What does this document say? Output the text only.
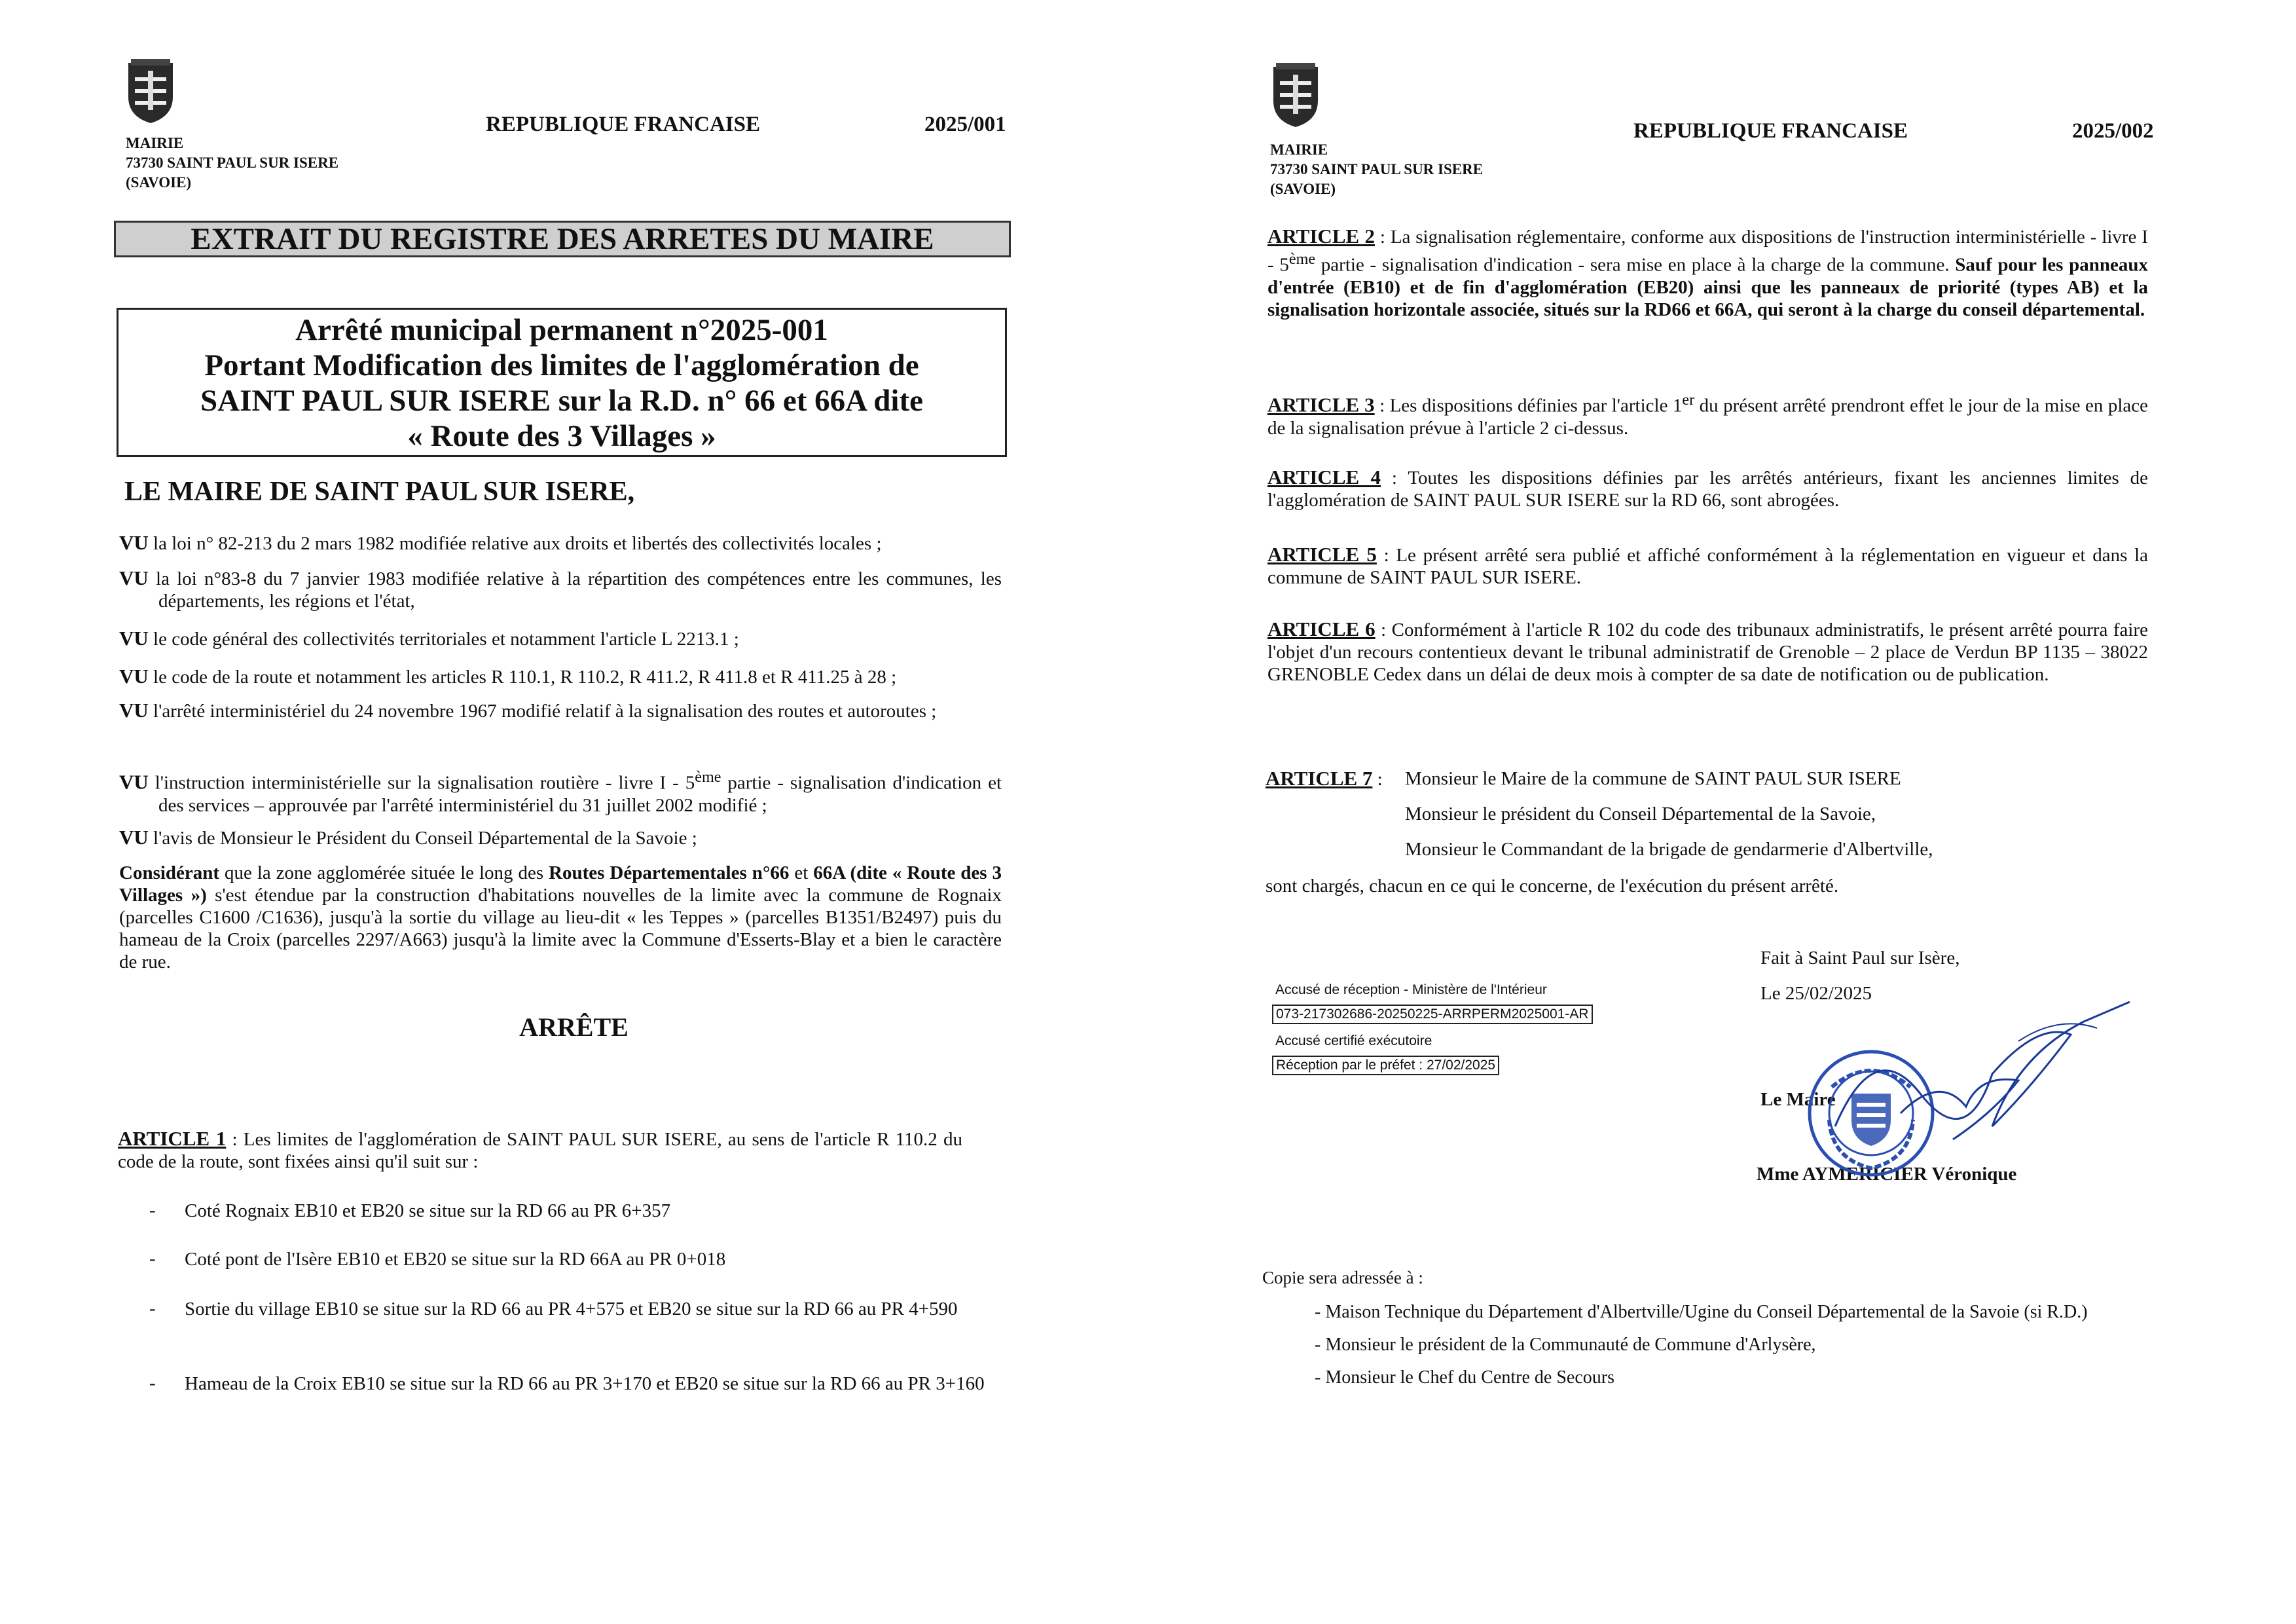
MAIRIE
73730 SAINT PAUL SUR ISERE
(SAVOIE)
REPUBLIQUE FRANCAISE	2025/001
EXTRAIT DU REGISTRE DES ARRETES DU MAIRE
Arrêté municipal permanent n°2025-001
Portant Modification des limites de l'agglomération de
SAINT PAUL SUR ISERE sur la R.D. n° 66 et 66A dite
« Route des 3 Villages »
LE MAIRE DE SAINT PAUL SUR ISERE,
VU la loi n° 82-213 du 2 mars 1982 modifiée relative aux droits et libertés des collectivités locales ;
VU la loi n°83-8 du 7 janvier 1983 modifiée relative à la répartition des compétences entre les communes, les départements, les régions et l'état,
VU le code général des collectivités territoriales et notamment l'article L 2213.1 ;
VU le code de la route et notamment les articles R 110.1, R 110.2, R 411.2, R 411.8 et R 411.25 à 28 ;
VU l'arrêté interministériel du 24 novembre 1967 modifié relatif à la signalisation des routes et autoroutes ;
VU l'instruction interministérielle sur la signalisation routière - livre I - 5ème partie - signalisation d'indication et des services – approuvée par l'arrêté interministériel du 31 juillet 2002 modifié ;
VU l'avis de Monsieur le Président du Conseil Départemental de la Savoie ;
Considérant que la zone agglomérée située le long des Routes Départementales n°66 et 66A (dite « Route des 3 Villages ») s'est étendue par la construction d'habitations nouvelles de la limite avec la commune de Rognaix (parcelles C1600 /C1636), jusqu'à la sortie du village au lieu-dit « les Teppes » (parcelles B1351/B2497) puis du hameau de la Croix (parcelles 2297/A663) jusqu'à la limite avec la Commune d'Esserts-Blay et a bien le caractère de rue.
ARRÊTE
ARTICLE 1 : Les limites de l'agglomération de SAINT PAUL SUR ISERE, au sens de l'article R 110.2 du code de la route, sont fixées ainsi qu'il suit sur :
- Coté Rognaix EB10 et EB20 se situe sur la RD 66 au PR 6+357
- Coté pont de l'Isère EB10 et EB20 se situe sur la RD 66A au PR 0+018
- Sortie du village EB10 se situe sur la RD 66 au PR 4+575 et EB20 se situe sur la RD 66 au PR 4+590
- Hameau de la Croix EB10 se situe sur la RD 66 au PR 3+170 et EB20 se situe sur la RD 66 au PR 3+160
MAIRIE
73730 SAINT PAUL SUR ISERE
(SAVOIE)
REPUBLIQUE FRANCAISE	2025/002
ARTICLE 2 : La signalisation réglementaire, conforme aux dispositions de l'instruction interministérielle - livre I - 5ème partie - signalisation d'indication - sera mise en place à la charge de la commune. Sauf pour les panneaux d'entrée (EB10) et de fin d'agglomération (EB20) ainsi que les panneaux de priorité (types AB) et la signalisation horizontale associée, situés sur la RD66 et 66A, qui seront à la charge du conseil départemental.
ARTICLE 3 : Les dispositions définies par l'article 1er du présent arrêté prendront effet le jour de la mise en place de la signalisation prévue à l'article 2 ci-dessus.
ARTICLE 4 : Toutes les dispositions définies par les arrêtés antérieurs, fixant les anciennes limites de l'agglomération de SAINT PAUL SUR ISERE sur la RD 66, sont abrogées.
ARTICLE 5 : Le présent arrêté sera publié et affiché conformément à la réglementation en vigueur et dans la commune de SAINT PAUL SUR ISERE.
ARTICLE 6 : Conformément à l'article R 102 du code des tribunaux administratifs, le présent arrêté pourra faire l'objet d'un recours contentieux devant le tribunal administratif de Grenoble – 2 place de Verdun BP 1135 – 38022 GRENOBLE Cedex dans un délai de deux mois à compter de sa date de notification ou de publication.
ARTICLE 7 : Monsieur le Maire de la commune de SAINT PAUL SUR ISERE
Monsieur le président du Conseil Départemental de la Savoie,
Monsieur le Commandant de la brigade de gendarmerie d'Albertville,
sont chargés, chacun en ce qui le concerne, de l'exécution du présent arrêté.
Fait à Saint Paul sur Isère,
Le 25/02/2025
Accusé de réception - Ministère de l'Intérieur
073-217302686-20250225-ARRPERM2025001-AR
Accusé certifié exécutoire
Réception par le préfet : 27/02/2025
Le Maire
Mme AYMERICIER Véronique
Copie sera adressée à :
- Maison Technique du Département d'Albertville/Ugine du Conseil Départemental de la Savoie (si R.D.)
- Monsieur le président de la Communauté de Commune d'Arlysère,
- Monsieur le Chef du Centre de Secours
